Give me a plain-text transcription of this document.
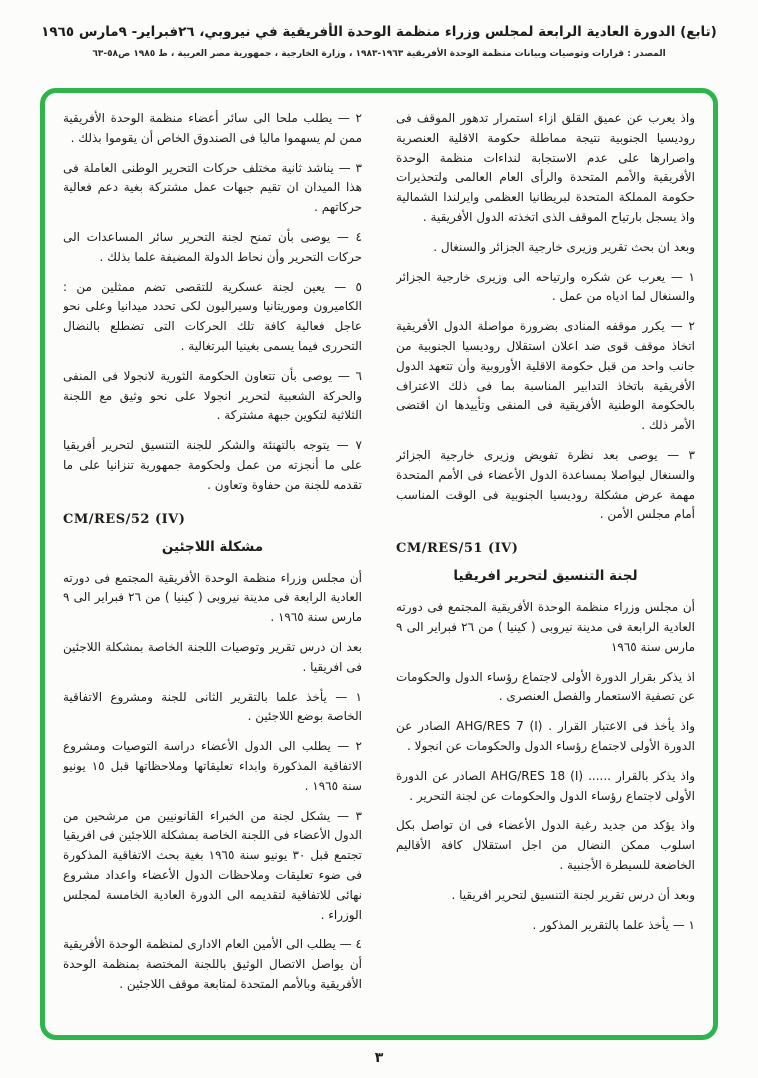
(تابع) الدورة العادية الرابعة لمجلس وزراء منظمة الوحدة الأفريقية في نيروبي، ٢٦فبراير- ٩مارس ١٩٦٥
المصدر : قرارات وتوصيات وبيانات منظمة الوحدة الأفريقية ١٩٦٣-١٩٨٣ ، وزارة الخارجية ، جمهورية مصر العربية ، ط ١٩٨٥ ص٥٨-٦٣

واذ يعرب عن عميق القلق ازاء استمرار تدهور الموقف فى روديسيا الجنوبية نتيجة مماطلة حكومة الاقلية العنصرية واصرارها على عدم الاستجابة لنداءات منظمة الوحدة الأفريقية والأمم المتحدة والرأى العام العالمى ولتحذيرات حكومة المملكة المتحدة لبريطانيا العظمى وايرلندا الشمالية واذ يسجل بارتياح الموقف الذى اتخذته الدول الأفريقية .

وبعد ان بحث تقرير وزيرى خارجية الجزائر والسنغال .

١ — يعرب عن شكره وارتياحه الى وزيرى خارجية الجزائر والسنغال لما ادياه من عمل .

٢ — يكرر موقفه المنادى بضرورة مواصلة الدول الأفريقية اتخاذ موقف قوى ضد اعلان استقلال روديسيا الجنوبية من جانب واحد من قبل حكومة الاقلية الأوروبية وأن تتعهد الدول الأفريقية باتخاذ التدابير المناسبة بما فى ذلك الاعتراف بالحكومة الوطنية الأفريقية فى المنفى وتأييدها ان اقتضى الأمر ذلك .

٣ — يوصى بعد نظرة تفويض وزيرى خارجية الجزائر والسنغال ليواصلا بمساعدة الدول الأعضاء فى الأمم المتحدة مهمة عرض مشكلة روديسيا الجنوبية فى الوقت المناسب أمام مجلس الأمن .

CM/RES/51 (IV)
لجنة التنسيق لتحرير افريقيا

أن مجلس وزراء منظمة الوحدة الأفريقية المجتمع فى دورته العادية الرابعة فى مدينة نيروبى ( كينيا ) من ٢٦ فبراير الى ٩ مارس سنة ١٩٦٥

اذ يذكر بقرار الدورة الأولى لاجتماع رؤساء الدول والحكومات عن تصفية الاستعمار والفصل العنصرى .

واذ يأخذ فى الاعتبار القرار . AHG/RES 7 (I) الصادر عن الدورة الأولى لاجتماع رؤساء الدول والحكومات عن انجولا .

واذ يذكر بالقرار ...... AHG/RES 18 (I) الصادر عن الدورة الأولى لاجتماع رؤساء الدول والحكومات عن لجنة التحرير .

واذ يؤكد من جديد رغبة الدول الأعضاء فى ان تواصل بكل اسلوب ممكن النضال من اجل استقلال كافة الأقاليم الخاضعة للسيطرة الأجنبية .

وبعد أن درس تقرير لجنة التنسيق لتحرير افريقيا .

١ — يأخذ علما بالتقرير المذكور .

٢ — يطلب ملحا الى سائر أعضاء منظمة الوحدة الأفريقية ممن لم يسهموا ماليا فى الصندوق الخاص أن يقوموا بذلك .

٣ — يناشد ثانية مختلف حركات التحرير الوطنى العاملة فى هذا الميدان ان تقيم جبهات عمل مشتركة بغية دعم فعالية حركاتهم .

٤ — يوصى بأن تمنح لجنة التحرير سائر المساعدات الى حركات التحرير وأن نحاط الدولة المضيفة علما بذلك .

٥ — يعين لجنة عسكرية للتقصى تضم ممثلين من : الكاميرون وموريتانيا وسيراليون لكى تحدد ميدانيا وعلى نحو عاجل فعالية كافة تلك الحركات التى تضطلع بالنضال التحررى فيما يسمى بغينيا البرتغالية .

٦ — يوصى بأن تتعاون الحكومة الثورية لانجولا فى المنفى والحركة الشعبية لتحرير انجولا على نحو وثيق مع اللجنة الثلاثية لتكوين جبهة مشتركة .

٧ — يتوجه بالتهنئة والشكر للجنة التنسيق لتحرير أفريقيا على ما أنجزته من عمل ولحكومة جمهورية تنزانيا على ما تقدمه للجنة من حفاوة وتعاون .

CM/RES/52 (IV)
مشكلة اللاجئين

أن مجلس وزراء منظمة الوحدة الأفريقية المجتمع فى دورته العادية الرابعة فى مدينة نيروبى ( كينيا ) من ٢٦ فبراير الى ٩ مارس سنة ١٩٦٥ .

بعد ان درس تقرير وتوصيات اللجنة الخاصة بمشكلة اللاجئين فى افريقيا .

١ — يأخذ علما بالتقرير الثانى للجنة ومشروع الاتفاقية الخاصة بوضع اللاجئين .

٢ — يطلب الى الدول الأعضاء دراسة التوصيات ومشروع الاتفاقية المذكورة وابداء تعليقاتها وملاحظاتها قبل ١٥ يونيو سنة ١٩٦٥ .

٣ — يشكل لجنة من الخبراء القانونيين من مرشحين من الدول الأعضاء فى اللجنة الخاصة بمشكلة اللاجئين فى افريقيا تجتمع قبل ٣٠ يونيو سنة ١٩٦٥ بغية بحث الاتفاقية المذكورة فى ضوء تعليقات وملاحظات الدول الأعضاء واعداد مشروع نهائى للاتفاقية لتقديمه الى الدورة العادية الخامسة لمجلس الوزراء .

٤ — يطلب الى الأمين العام الادارى لمنظمة الوحدة الأفريقية أن يواصل الاتصال الوثيق باللجنة المختصة بمنظمة الوحدة الأفريقية وبالأمم المتحدة لمتابعة موقف اللاجئين .

٣
